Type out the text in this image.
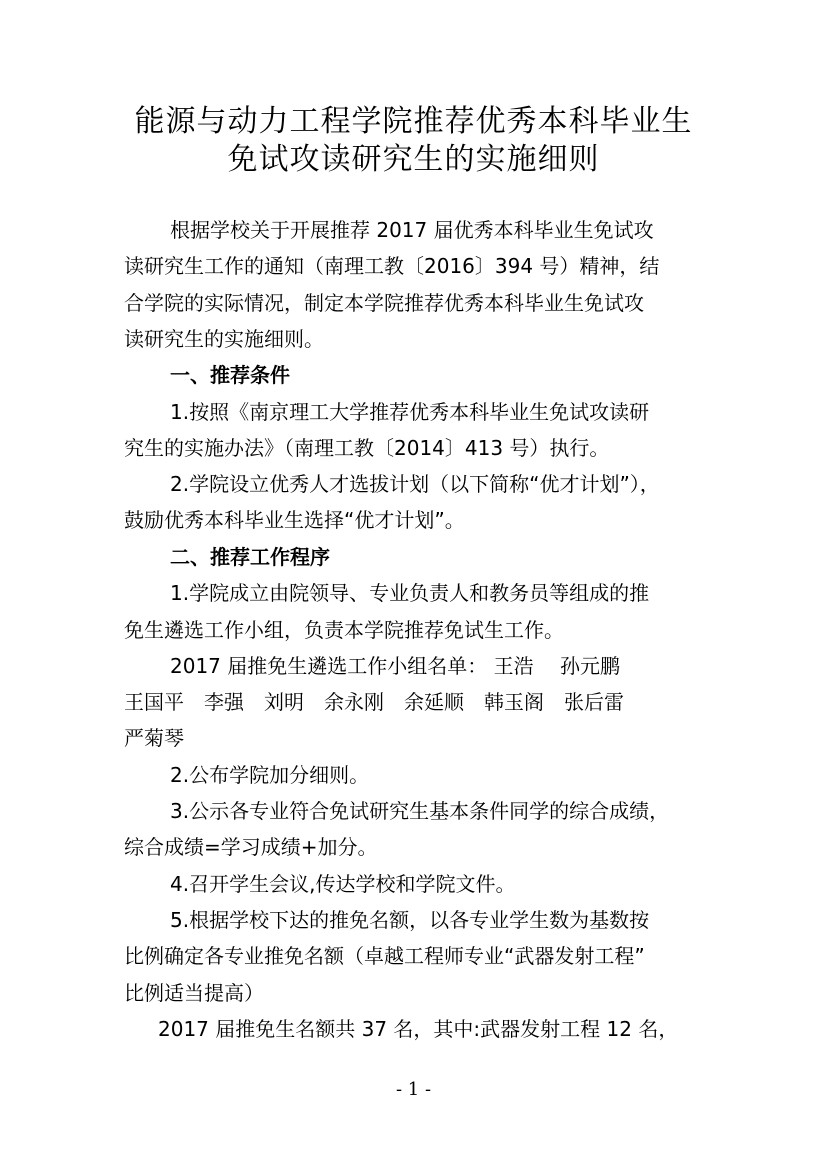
能源与动力工程学院推荐优秀本科毕业生
免试攻读研究生的实施细则
根据学校关于开展推荐 2017 届优秀本科毕业生免试攻
读研究生工作的通知（南理工教〔2016〕394 号）精神，结
合学院的实际情况，制定本学院推荐优秀本科毕业生免试攻
读研究生的实施细则。
一、推荐条件
1.按照《南京理工大学推荐优秀本科毕业生免试攻读研
究生的实施办法》（南理工教〔2014〕413 号）执行。
2.学院设立优秀人才选拔计划（以下简称“优才计划”），
鼓励优秀本科毕业生选择“优才计划”。
二、推荐工作程序
1.学院成立由院领导、专业负责人和教务员等组成的推
免生遴选工作小组，负责本学院推荐免试生工作。
2017 届推免生遴选工作小组名单： 王浩　 孙元鹏
王国平　李强　刘明　余永刚　余延顺　韩玉阁　张后雷
严菊琴
2.公布学院加分细则。
3.公示各专业符合免试研究生基本条件同学的综合成绩，
综合成绩=学习成绩+加分。
4.召开学生会议,传达学校和学院文件。
5.根据学校下达的推免名额，以各专业学生数为基数按
比例确定各专业推免名额（卓越工程师专业“武器发射工程”
比例适当提高）
2017 届推免生名额共 37 名，其中:武器发射工程 12 名，
- 1 -
